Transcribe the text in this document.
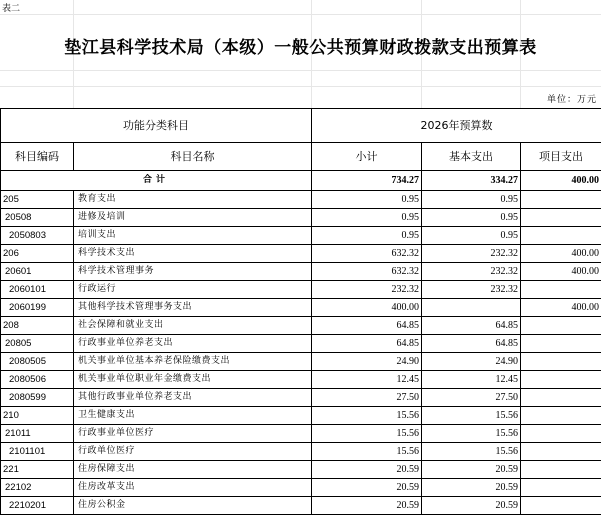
表二
垫江县科学技术局（本级）一般公共预算财政拨款支出预算表
单位：万元
功能分类科目		2026年预算数		
科目编码	科目名称	小计	基本支出	项目支出
合计		734.27	334.27	400.00
205	教育支出	0.95	0.95	
20508	进修及培训	0.95	0.95	
2050803	培训支出	0.95	0.95	
206	科学技术支出	632.32	232.32	400.00
20601	科学技术管理事务	632.32	232.32	400.00
2060101	行政运行	232.32	232.32	
2060199	其他科学技术管理事务支出	400.00		400.00
208	社会保障和就业支出	64.85	64.85	
20805	行政事业单位养老支出	64.85	64.85	
2080505	机关事业单位基本养老保险缴费支出	24.90	24.90	
2080506	机关事业单位职业年金缴费支出	12.45	12.45	
2080599	其他行政事业单位养老支出	27.50	27.50	
210	卫生健康支出	15.56	15.56	
21011	行政事业单位医疗	15.56	15.56	
2101101	行政单位医疗	15.56	15.56	
221	住房保障支出	20.59	20.59	
22102	住房改革支出	20.59	20.59	
2210201	住房公积金	20.59	20.59	
